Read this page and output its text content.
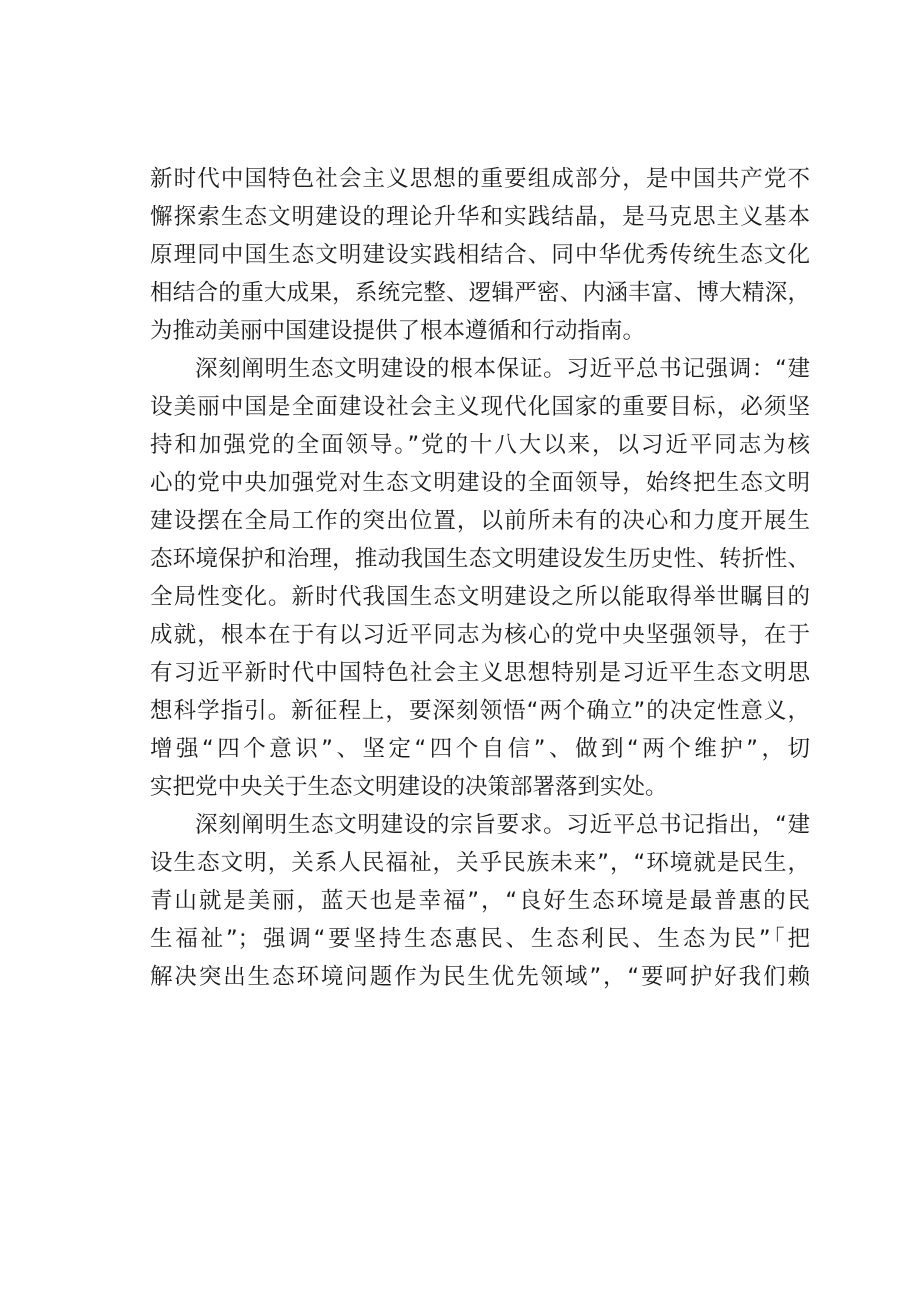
新时代中国特色社会主义思想的重要组成部分，是中国共产党不
懈探索生态文明建设的理论升华和实践结晶，是马克思主义基本
原理同中国生态文明建设实践相结合、同中华优秀传统生态文化
相结合的重大成果，系统完整、逻辑严密、内涵丰富、博大精深，
为推动美丽中国建设提供了根本遵循和行动指南。
深刻阐明生态文明建设的根本保证。习近平总书记强调：“建
设美丽中国是全面建设社会主义现代化国家的重要目标，必须坚
持和加强党的全面领导。”党的十八大以来，以习近平同志为核
心的党中央加强党对生态文明建设的全面领导，始终把生态文明
建设摆在全局工作的突出位置，以前所未有的决心和力度开展生
态环境保护和治理，推动我国生态文明建设发生历史性、转折性、
全局性变化。新时代我国生态文明建设之所以能取得举世瞩目的
成就，根本在于有以习近平同志为核心的党中央坚强领导，在于
有习近平新时代中国特色社会主义思想特别是习近平生态文明思
想科学指引。新征程上，要深刻领悟“两个确立”的决定性意义，
增强“四个意识”、坚定“四个自信”、做到“两个维护”，切
实把党中央关于生态文明建设的决策部署落到实处。
深刻阐明生态文明建设的宗旨要求。习近平总书记指出，“建
设生态文明，关系人民福祉，关乎民族未来”，“环境就是民生，
青山就是美丽，蓝天也是幸福”，“良好生态环境是最普惠的民
生福祉”；强调“要坚持生态惠民、生态利民、生态为民”「把
解决突出生态环境问题作为民生优先领域”，“要呵护好我们赖
